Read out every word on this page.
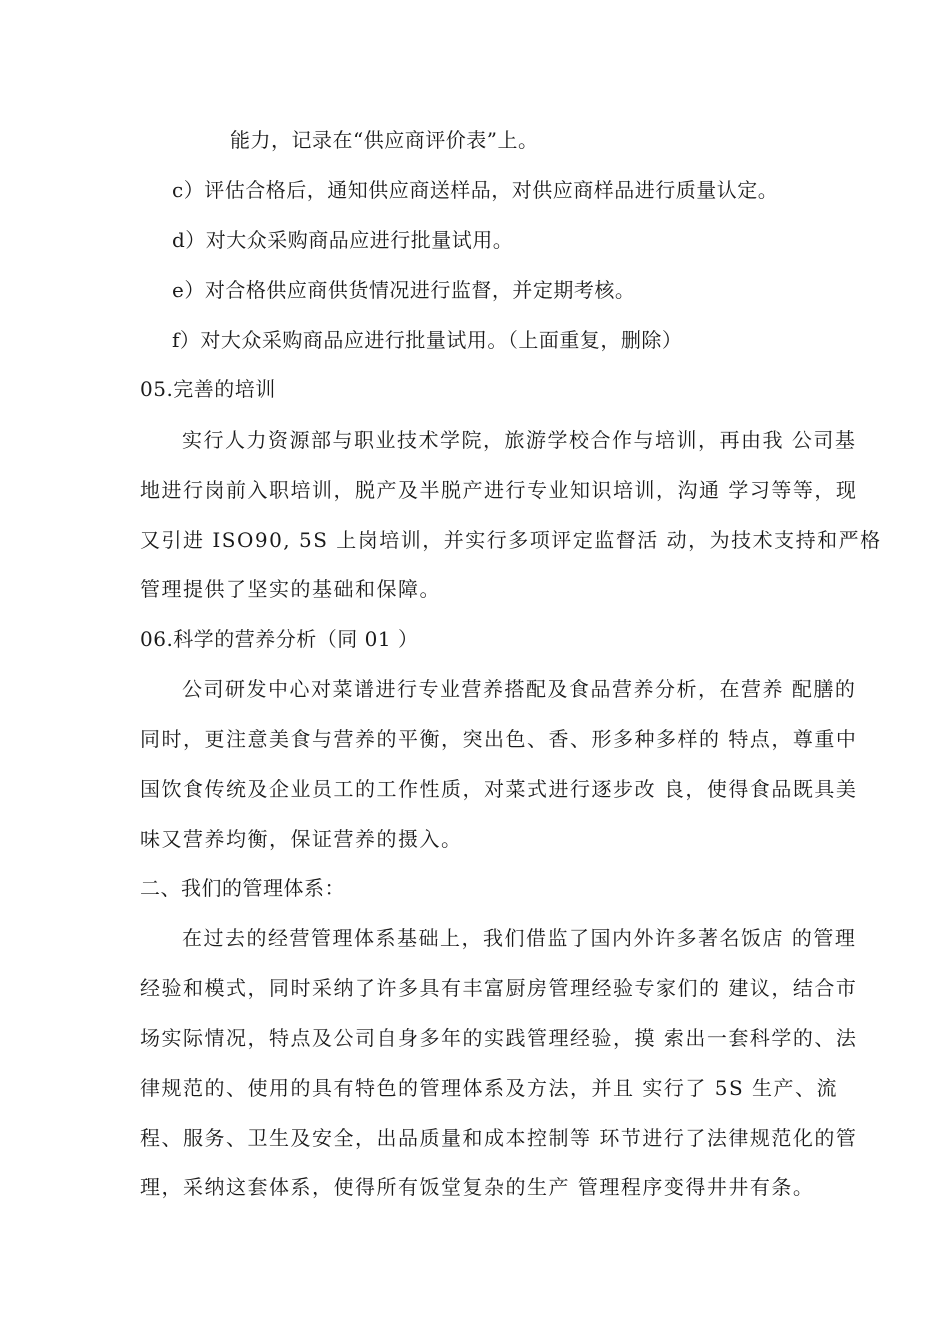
能力，记录在“供应商评价表”上。
c）评估合格后，通知供应商送样品，对供应商样品进行质量认定。
d）对大众采购商品应进行批量试用。
e）对合格供应商供货情况进行监督，并定期考核。
f）对大众采购商品应进行批量试用。（上面重复，删除）
05.完善的培训
实行人力资源部与职业技术学院，旅游学校合作与培训，再由我 公司基
地进行岗前入职培训，脱产及半脱产进行专业知识培训，沟通 学习等等，现
又引进 ISO90, 5S 上岗培训，并实行多项评定监督活 动，为技术支持和严格
管理提供了坚实的基础和保障。
06.科学的营养分析（同 01 ）
公司研发中心对菜谱进行专业营养搭配及食品营养分析，在营养 配膳的
同时，更注意美食与营养的平衡，突出色、香、形多种多样的 特点，尊重中
国饮食传统及企业员工的工作性质，对菜式进行逐步改 良，使得食品既具美
味又营养均衡，保证营养的摄入。
二、我们的管理体系：
在过去的经营管理体系基础上，我们借监了国内外许多著名饭店 的管理
经验和模式，同时采纳了许多具有丰富厨房管理经验专家们的 建议，结合市
场实际情况，特点及公司自身多年的实践管理经验，摸 索出一套科学的、法
律规范的、使用的具有特色的管理体系及方法，并且 实行了 5S 生产、流
程、服务、卫生及安全，出品质量和成本控制等 环节进行了法律规范化的管
理，采纳这套体系，使得所有饭堂复杂的生产 管理程序变得井井有条。
